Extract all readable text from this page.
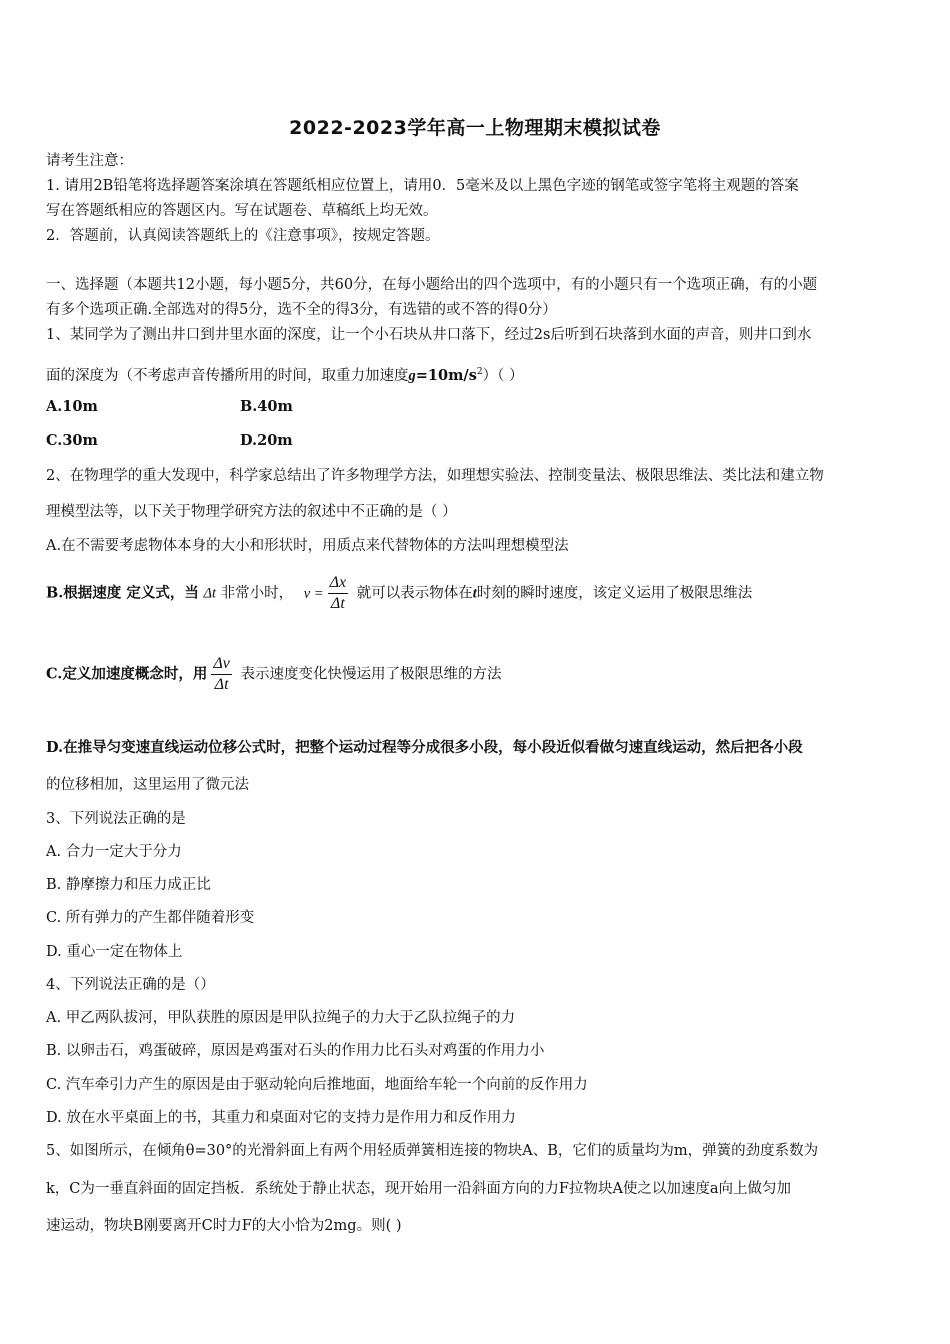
2022-2023学年高一上物理期末模拟试卷
请考生注意：
1. 请用2B铅笔将选择题答案涂填在答题纸相应位置上，请用0．5毫米及以上黑色字迹的钢笔或签字笔将主观题的答案
写在答题纸相应的答题区内。写在试题卷、草稿纸上均无效。
2．答题前，认真阅读答题纸上的《注意事项》，按规定答题。
一、选择题（本题共12小题，每小题5分，共60分，在每小题给出的四个选项中，有的小题只有一个选项正确，有的小题
有多个选项正确.全部选对的得5分，选不全的得3分，有选错的或不答的得0分）
1、某同学为了测出井口到井里水面的深度，让一个小石块从井口落下，经过2s后听到石块落到水面的声音，则井口到水
面的深度为（不考虑声音传播所用的时间，取重力加速度$g=10m/s^2$）（ ）
A.10m	B.40m
C.30m	D.20m
2、在物理学的重大发现中，科学家总结出了许多物理学方法，如理想实验法、控制变量法、极限思维法、类比法和建立物
理模型法等，以下关于物理学研究方法的叙述中不正确的是（ ）
A.在不需要考虑物体本身的大小和形状时，用质点来代替物体的方法叫理想模型法
B.根据速度 定义式，当 Δt 非常小时， $v = \frac{\Delta x}{\Delta t}$ 就可以表示物体在t时刻的瞬时速度，该定义运用了极限思维法
C.定义加速度概念时，用 $\frac{\Delta v}{\Delta t}$ 表示速度变化快慢运用了极限思维的方法
D.在推导匀变速直线运动位移公式时，把整个运动过程等分成很多小段，每小段近似看做匀速直线运动，然后把各小段
的位移相加，这里运用了微元法
3、下列说法正确的是
A. 合力一定大于分力
B. 静摩擦力和压力成正比
C. 所有弹力的产生都伴随着形变
D. 重心一定在物体上
4、下列说法正确的是（）
A. 甲乙两队拔河，甲队获胜的原因是甲队拉绳子的力大于乙队拉绳子的力
B. 以卵击石，鸡蛋破碎，原因是鸡蛋对石头的作用力比石头对鸡蛋的作用力小
C. 汽车牵引力产生的原因是由于驱动轮向后推地面，地面给车轮一个向前的反作用力
D. 放在水平桌面上的书，其重力和桌面对它的支持力是作用力和反作用力
5、如图所示，在倾角θ=30°的光滑斜面上有两个用轻质弹簧相连接的物块A、B，它们的质量均为m，弹簧的劲度系数为
k，C为一垂直斜面的固定挡板．系统处于静止状态，现开始用一沿斜面方向的力F拉物块A使之以加速度a向上做匀加
速运动，物块B刚要离开C时力F的大小恰为2mg。则( )
